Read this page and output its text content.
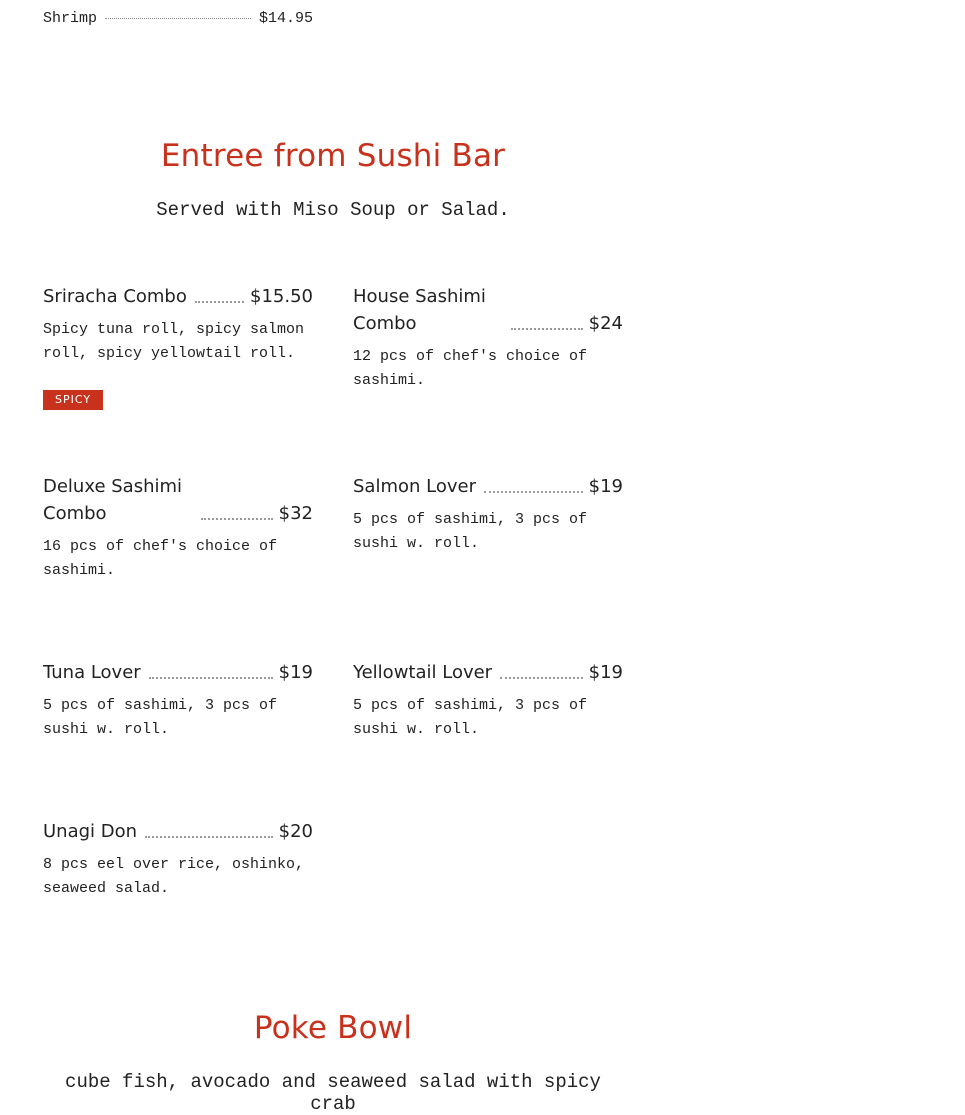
Shrimp	$14.95
Entree from Sushi Bar

Served with Miso Soup or Salad.

Sriracha Combo	$15.50
Spicy tuna roll, spicy salmon roll, spicy yellowtail roll.
SPICY
House Sashimi Combo	$24
12 pcs of chef's choice of sashimi.
Deluxe Sashimi Combo	$32
16 pcs of chef's choice of sashimi.
Salmon Lover	$19
5 pcs of sashimi, 3 pcs of sushi w. roll.
Tuna Lover	$19
5 pcs of sashimi, 3 pcs of sushi w. roll.
Yellowtail Lover	$19
5 pcs of sashimi, 3 pcs of sushi w. roll.
Unagi Don	$20
8 pcs eel over rice, oshinko, seaweed salad.
Poke Bowl

cube fish, avocado and seaweed salad with spicy crab
